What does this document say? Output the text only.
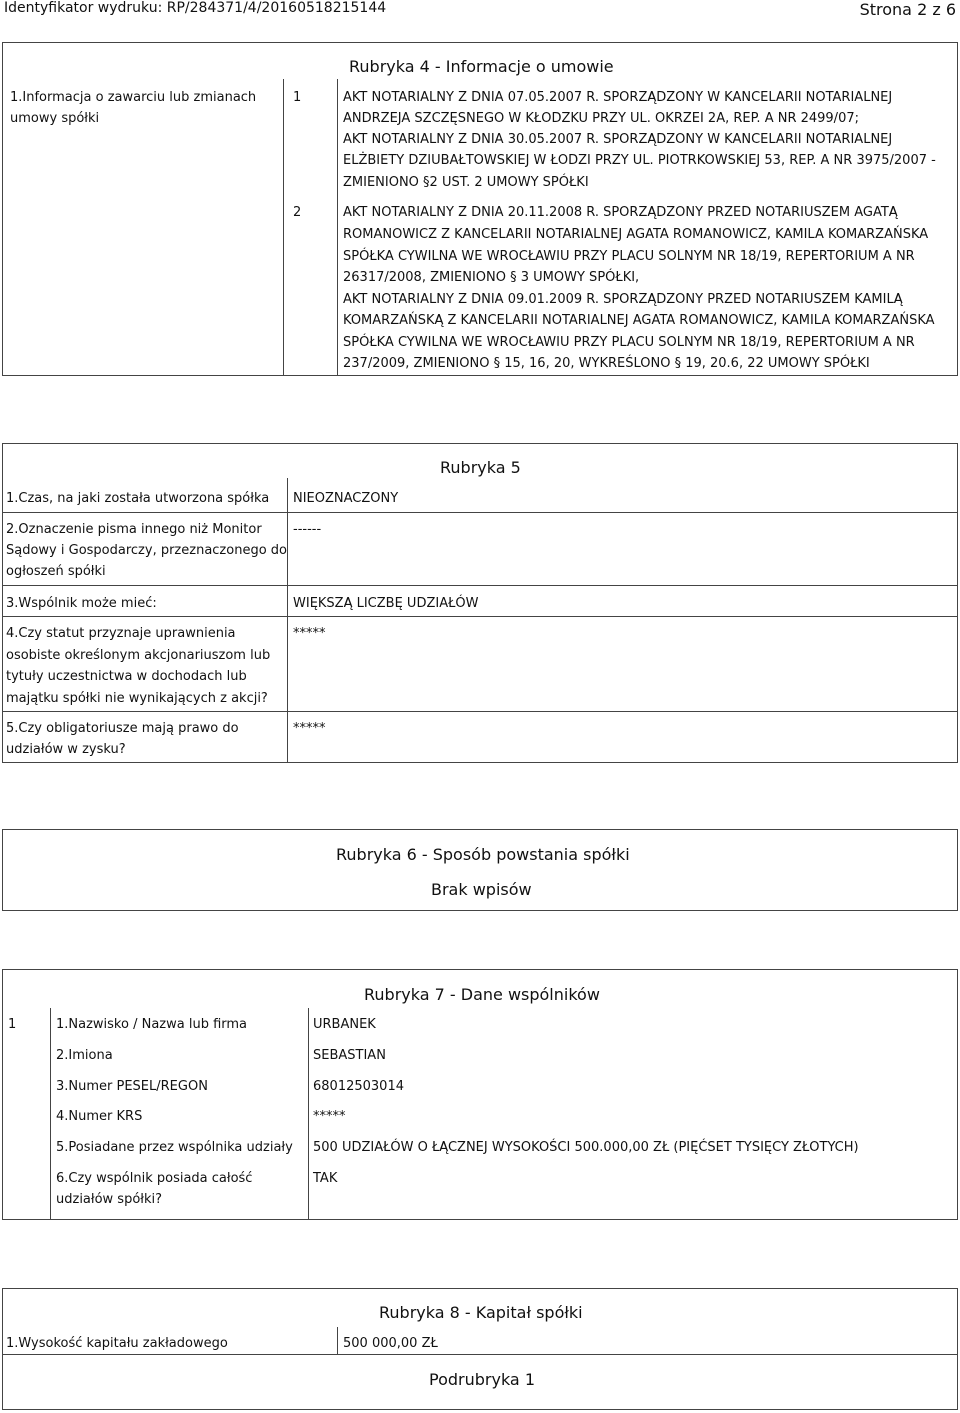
Identyfikator wydruku: RP/284371/4/20160518215144	Strona 2 z 6
Rubryka 4 - Informacje o umowie
1.Informacja o zawarciu lub zmianach
umowy spółki
1	AKT NOTARIALNY Z DNIA 07.05.2007 R. SPORZĄDZONY W KANCELARII NOTARIALNEJ
ANDRZEJA SZCZĘSNEGO W KŁODZKU PRZY UL. OKRZEI 2A, REP. A NR 2499/07;
AKT NOTARIALNY Z DNIA 30.05.2007 R. SPORZĄDZONY W KANCELARII NOTARIALNEJ
ELŻBIETY DZIUBAŁTOWSKIEJ W ŁODZI PRZY UL. PIOTRKOWSKIEJ 53, REP. A NR 3975/2007 -
ZMIENIONO §2 UST. 2 UMOWY SPÓŁKI
2	AKT NOTARIALNY Z DNIA 20.11.2008 R. SPORZĄDZONY PRZED NOTARIUSZEM AGATĄ
ROMANOWICZ Z KANCELARII NOTARIALNEJ AGATA ROMANOWICZ, KAMILA KOMARZAŃSKA
SPÓŁKA CYWILNA WE WROCŁAWIU PRZY PLACU SOLNYM NR 18/19, REPERTORIUM A NR
26317/2008, ZMIENIONO § 3 UMOWY SPÓŁKI,
AKT NOTARIALNY Z DNIA 09.01.2009 R. SPORZĄDZONY PRZED NOTARIUSZEM KAMILĄ
KOMARZAŃSKĄ Z KANCELARII NOTARIALNEJ AGATA ROMANOWICZ, KAMILA KOMARZAŃSKA
SPÓŁKA CYWILNA WE WROCŁAWIU PRZY PLACU SOLNYM NR 18/19, REPERTORIUM A NR
237/2009, ZMIENIONO § 15, 16, 20, WYKREŚLONO § 19, 20.6, 22 UMOWY SPÓŁKI
Rubryka 5
1.Czas, na jaki została utworzona spółka NIEOZNACZONY
2.Oznaczenie pisma innego niż Monitor
Sądowy i Gospodarczy, przeznaczonego do
ogłoszeń spółki
------
3.Wspólnik może mieć:	WIĘKSZĄ LICZBĘ UDZIAŁÓW
4.Czy statut przyznaje uprawnienia
osobiste określonym akcjonariuszom lub
tytuły uczestnictwa w dochodach lub
majątku spółki nie wynikających z akcji?
*****
5.Czy obligatoriusze mają prawo do
udziałów w zysku?
*****
Rubryka 6 - Sposób powstania spółki
Brak wpisów
Rubryka 7 - Dane wspólników
1	1.Nazwisko / Nazwa lub firma	URBANEK
2.Imiona	SEBASTIAN
3.Numer PESEL/REGON	68012503014
4.Numer KRS	*****
5.Posiadane przez wspólnika udziały 500 UDZIAŁÓW O ŁĄCZNEJ WYSOKOŚCI 500.000,00 ZŁ (PIĘĆSET TYSIĘCY ZŁOTYCH)
6.Czy wspólnik posiada całość
udziałów spółki?
TAK
Rubryka 8 - Kapitał spółki
1.Wysokość kapitału zakładowego	500 000,00 ZŁ
Podrubryka 1
